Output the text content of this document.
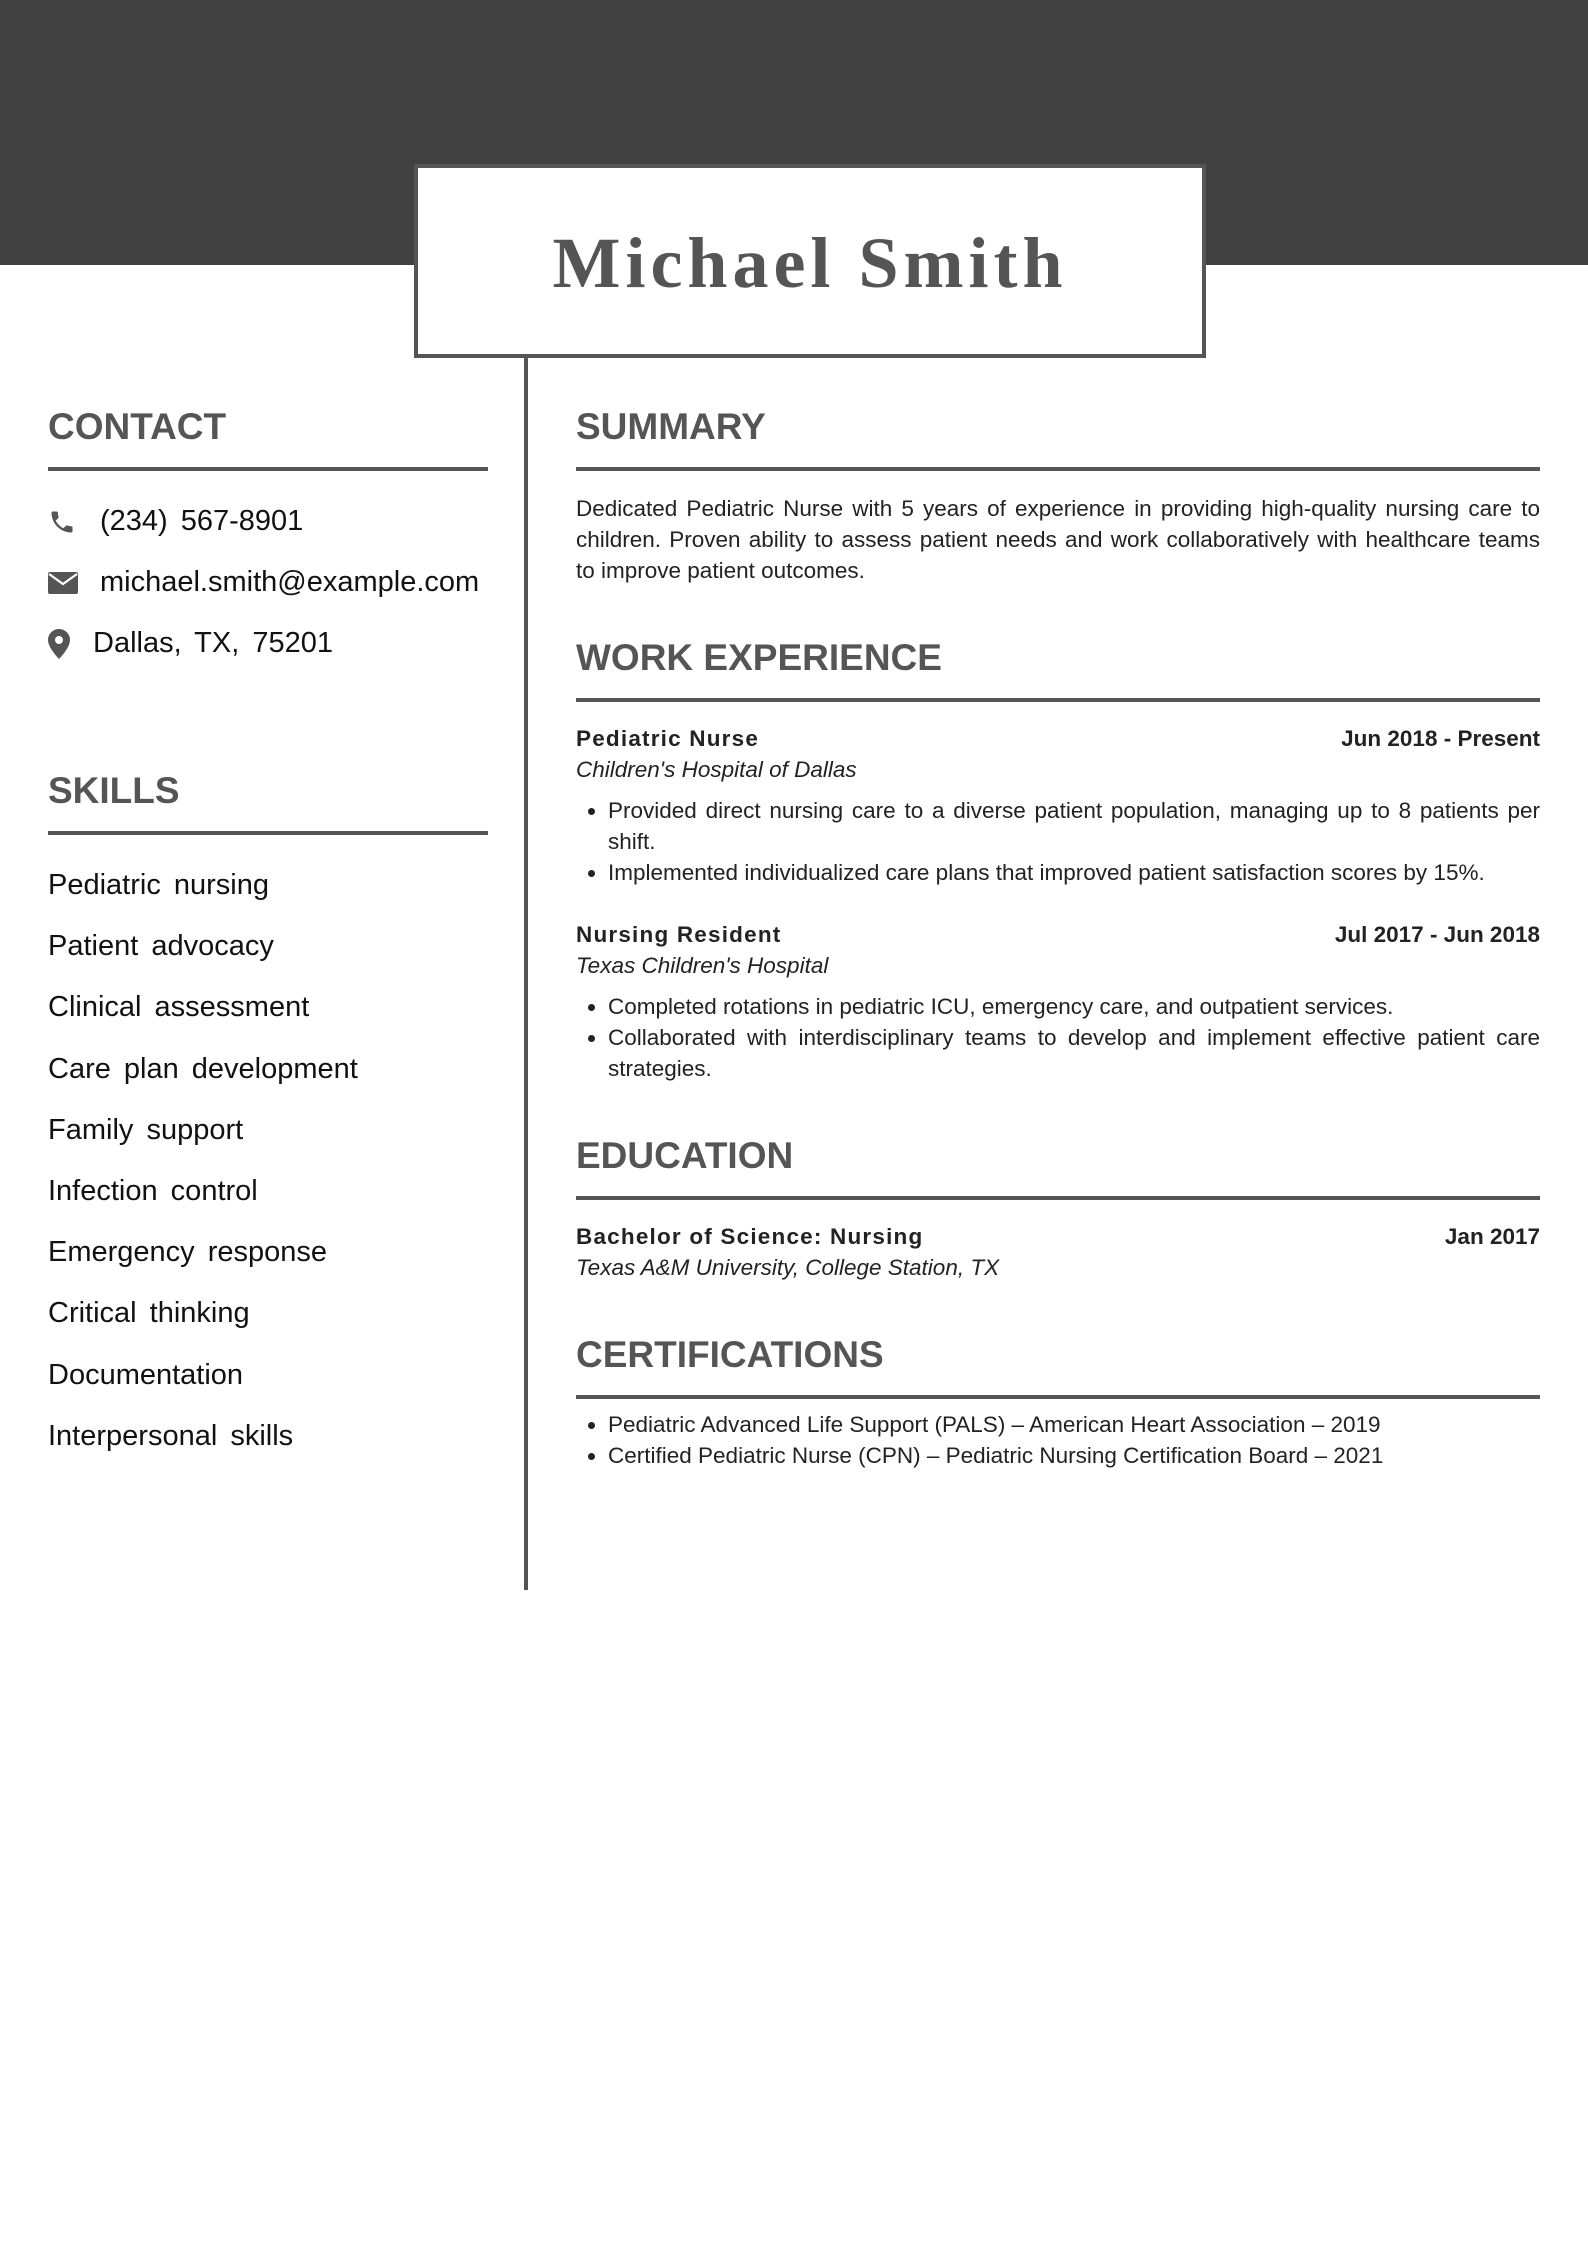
Michael Smith
CONTACT
(234) 567-8901
michael.smith@example.com
Dallas, TX, 75201
SKILLS
Pediatric nursing
Patient advocacy
Clinical assessment
Care plan development
Family support
Infection control
Emergency response
Critical thinking
Documentation
Interpersonal skills
SUMMARY

Dedicated Pediatric Nurse with 5 years of experience in providing high-quality nursing care to children. Proven ability to assess patient needs and work collaboratively with healthcare teams to improve patient outcomes.

WORK EXPERIENCE
Pediatric Nurse	Jun 2018 - Present
Children's Hospital of Dallas
• Provided direct nursing care to a diverse patient population, managing up to 8 patients per shift.
• Implemented individualized care plans that improved patient satisfaction scores by 15%.
Nursing Resident	Jul 2017 - Jun 2018
Texas Children's Hospital
• Completed rotations in pediatric ICU, emergency care, and outpatient services.
• Collaborated with interdisciplinary teams to develop and implement effective patient care strategies.
EDUCATION
Bachelor of Science: Nursing	Jan 2017
Texas A&M University, College Station, TX
CERTIFICATIONS
• Pediatric Advanced Life Support (PALS) – American Heart Association – 2019
• Certified Pediatric Nurse (CPN) – Pediatric Nursing Certification Board – 2021
